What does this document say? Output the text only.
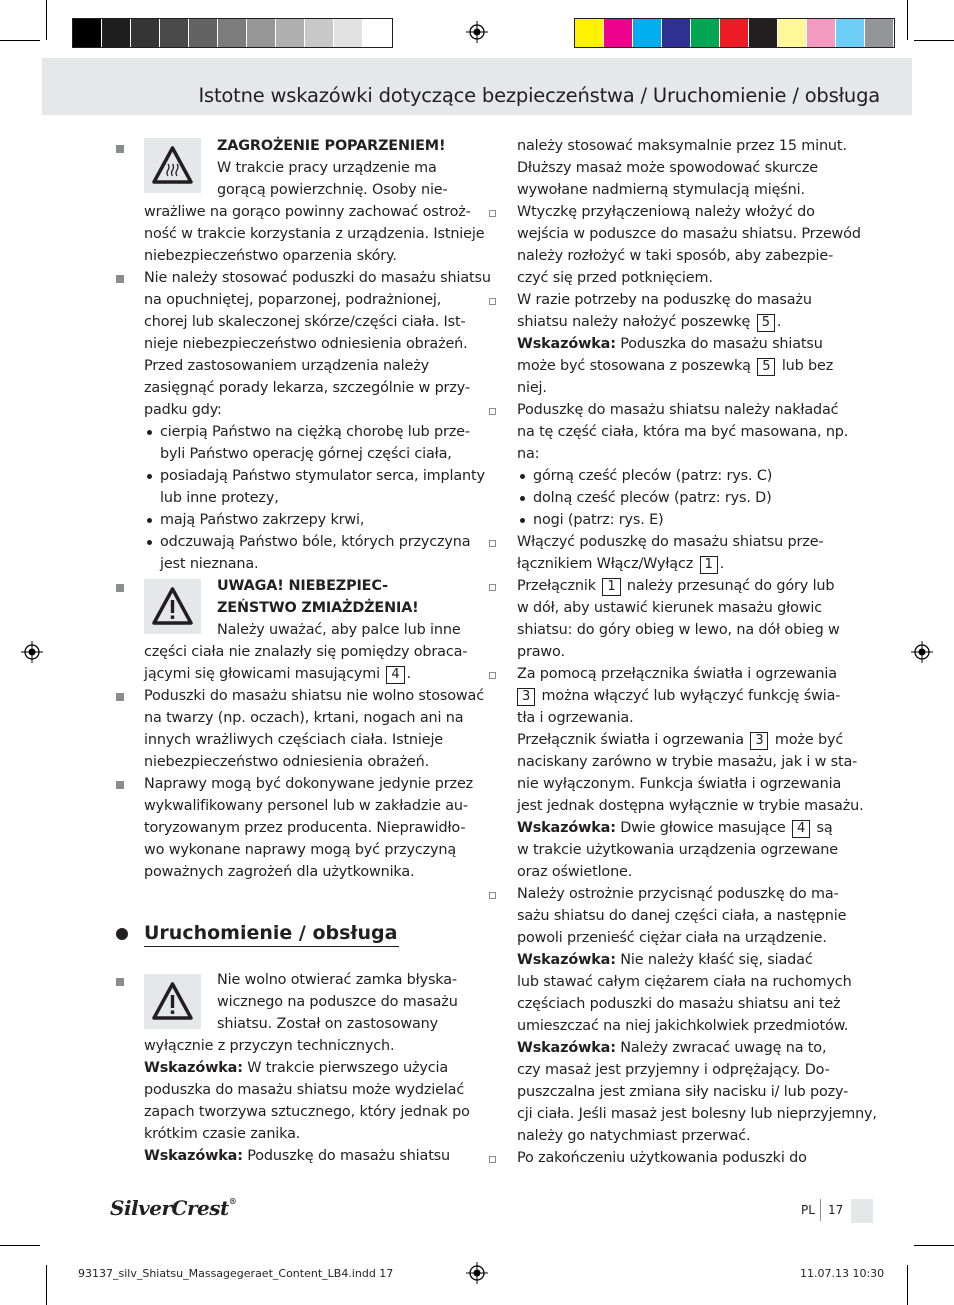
Istotne wskazówki dotyczące bezpieczeństwa / Uruchomienie / obsługa
ZAGROŻENIE POPARZENIEM!
W trakcie pracy urządzenie ma
gorącą powierzchnię. Osoby nie-
wrażliwe na gorąco powinny zachować ostroż-
ność w trakcie korzystania z urządzenia. Istnieje
niebezpieczeństwo oparzenia skóry.
Nie należy stosować poduszki do masażu shiatsu
na opuchniętej, poparzonej, podrażnionej,
chorej lub skaleczonej skórze/części ciała. Ist-
nieje niebezpieczeństwo odniesienia obrażeń.
Przed zastosowaniem urządzenia należy
zasięgnąć porady lekarza, szczególnie w przy-
padku gdy:
cierpią Państwo na ciężką chorobę lub prze-
byli Państwo operację górnej części ciała,
posiadają Państwo stymulator serca, implanty
lub inne protezy,
mają Państwo zakrzepy krwi,
odczuwają Państwo bóle, których przyczyna
jest nieznana.
UWAGA! NIEBEZPIEC-
ZEŃSTWO ZMIAŻDŻENIA!
Należy uważać, aby palce lub inne
części ciała nie znalazły się pomiędzy obraca-
jącymi się głowicami masującymi 4 .
Poduszki do masażu shiatsu nie wolno stosować
na twarzy (np. oczach), krtani, nogach ani na
innych wrażliwych częściach ciała. Istnieje
niebezpieczeństwo odniesienia obrażeń.
Naprawy mogą być dokonywane jedynie przez
wykwalifikowany personel lub w zakładzie au-
toryzowanym przez producenta. Nieprawidło-
wo wykonane naprawy mogą być przyczyną
poważnych zagrożeń dla użytkownika.
Uruchomienie / obsługa
Nie wolno otwierać zamka błyska-
wicznego na poduszce do masażu
shiatsu. Został on zastosowany
wyłącznie z przyczyn technicznych.
Wskazówka: W trakcie pierwszego użycia
poduszka do masażu shiatsu może wydzielać
zapach tworzywa sztucznego, który jednak po
krótkim czasie zanika.
Wskazówka: Poduszkę do masażu shiatsu
należy stosować maksymalnie przez 15 minut.
Dłuższy masaż może spowodować skurcze
wywołane nadmierną stymulacją mięśni.
Wtyczkę przyłączeniową należy włożyć do
wejścia w poduszce do masażu shiatsu. Przewód
należy rozłożyć w taki sposób, aby zabezpie-
czyć się przed potknięciem.
W razie potrzeby na poduszkę do masażu
shiatsu należy nałożyć poszewkę 5 .
Wskazówka: Poduszka do masażu shiatsu
może być stosowana z poszewką 5 lub bez
niej.
Poduszkę do masażu shiatsu należy nakładać
na tę część ciała, która ma być masowana, np.
na:
górną cześć pleców (patrz: rys. C)
dolną cześć pleców (patrz: rys. D)
nogi (patrz: rys. E)
Włączyć poduszkę do masażu shiatsu prze-
łącznikiem Włącz/Wyłącz 1 .
Przełącznik 1 należy przesunąć do góry lub
w dół, aby ustawić kierunek masażu głowic
shiatsu: do góry obieg w lewo, na dół obieg w
prawo.
Za pomocą przełącznika światła i ogrzewania
3 można włączyć lub wyłączyć funkcję świa-
tła i ogrzewania.
Przełącznik światła i ogrzewania 3 może być
naciskany zarówno w trybie masażu, jak i w sta-
nie wyłączonym. Funkcja światła i ogrzewania
jest jednak dostępna wyłącznie w trybie masażu.
Wskazówka: Dwie głowice masujące 4 są
w trakcie użytkowania urządzenia ogrzewane
oraz oświetlone.
Należy ostrożnie przycisnąć poduszkę do ma-
sażu shiatsu do danej części ciała, a następnie
powoli przenieść ciężar ciała na urządzenie.
Wskazówka: Nie należy kłaść się, siadać
lub stawać całym ciężarem ciała na ruchomych
częściach poduszki do masażu shiatsu ani też
umieszczać na niej jakichkolwiek przedmiotów.
Wskazówka: Należy zwracać uwagę na to,
czy masaż jest przyjemny i odprężający. Do-
puszczalna jest zmiana siły nacisku i/ lub pozy-
cji ciała. Jeśli masaż jest bolesny lub nieprzyjemny,
należy go natychmiast przerwać.
Po zakończeniu użytkowania poduszki do
SilverCrest®
PL 17
93137_silv_Shiatsu_Massagegeraet_Content_LB4.indd 17	11.07.13 10:30
